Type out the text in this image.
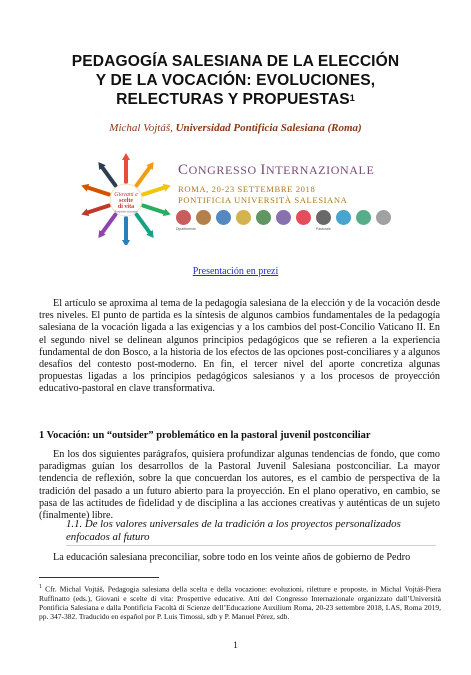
PEDAGOGÍA SALESIANA DE LA ELECCIÓN
Y DE LA VOCACIÓN: EVOLUCIONES,
RELECTURAS Y PROPUESTAS$^1$
Michal Vojtáš, Universidad Pontificia Salesiana (Roma)
Giovani e
scelte
di vita
Prospettive educative
CONGRESSO INTERNAZIONALE
ROMA, 20-23 SETTEMBRE 2018
PONTIFICIA UNIVERSITÀ SALESIANA
Dipartimento	Pastorale
Presentación en prezi
El artículo se aproxima al tema de la pedagogía salesiana de la elección y de la vocación desde tres niveles. El punto de partida es la síntesis de algunos cambios fundamentales de la pedagogía salesiana de la vocación ligada a las exigencias y a los cambios del post-Concilio Vaticano II. En el segundo nivel se delinean algunos principios pedagógicos que se refieren a la experiencia fundamental de don Bosco, a la historia de los efectos de las opciones post-conciliares y a algunos desafíos del contesto post-moderno. En fin, el tercer nivel del aporte concretiza algunas propuestas ligadas a los principios pedagógicos salesianos y a los procesos de proyección educativo-pastoral en clave transformativa.
1 Vocación: un “outsider” problemático en la pastoral juvenil postconciliar
En los dos siguientes parágrafos, quisiera profundizar algunas tendencias de fondo, que como paradigmas guían los desarrollos de la Pastoral Juvenil Salesiana postconciliar. La mayor tendencia de reflexión, sobre la que concuerdan los autores, es el cambio de perspectiva de la tradición del pasado a un futuro abierto para la proyección. En el plano operativo, en cambio, se pasa de las actitudes de fidelidad y de disciplina a las acciones creativas y auténticas de un sujeto (finalmente) libre.
1.1. De los valores universales de la tradición a los proyectos personalizados enfocados al futuro
La educación salesiana preconciliar, sobre todo en los veinte años de gobierno de Pedro
$^1$ Cfr. Michal Vojtáš, Pedagogia salesiana della scelta e della vocazione: evoluzioni, riletture e proposte, in Michal Vojtáš-Piera Ruffinatto (eds.), Giovani e scelte di vita: Prospettive educative. Atti del Congresso Internazionale organizzato dall’Università Pontificia Salesiana e dalla Pontificia Facoltà di Scienze dell’Educazione Auxilium Roma, 20-23 settembre 2018, LAS, Roma 2019, pp. 347-382. Traducido en español por P. Luis Timossi, sdb y P. Manuel Pérez, sdb.
1
